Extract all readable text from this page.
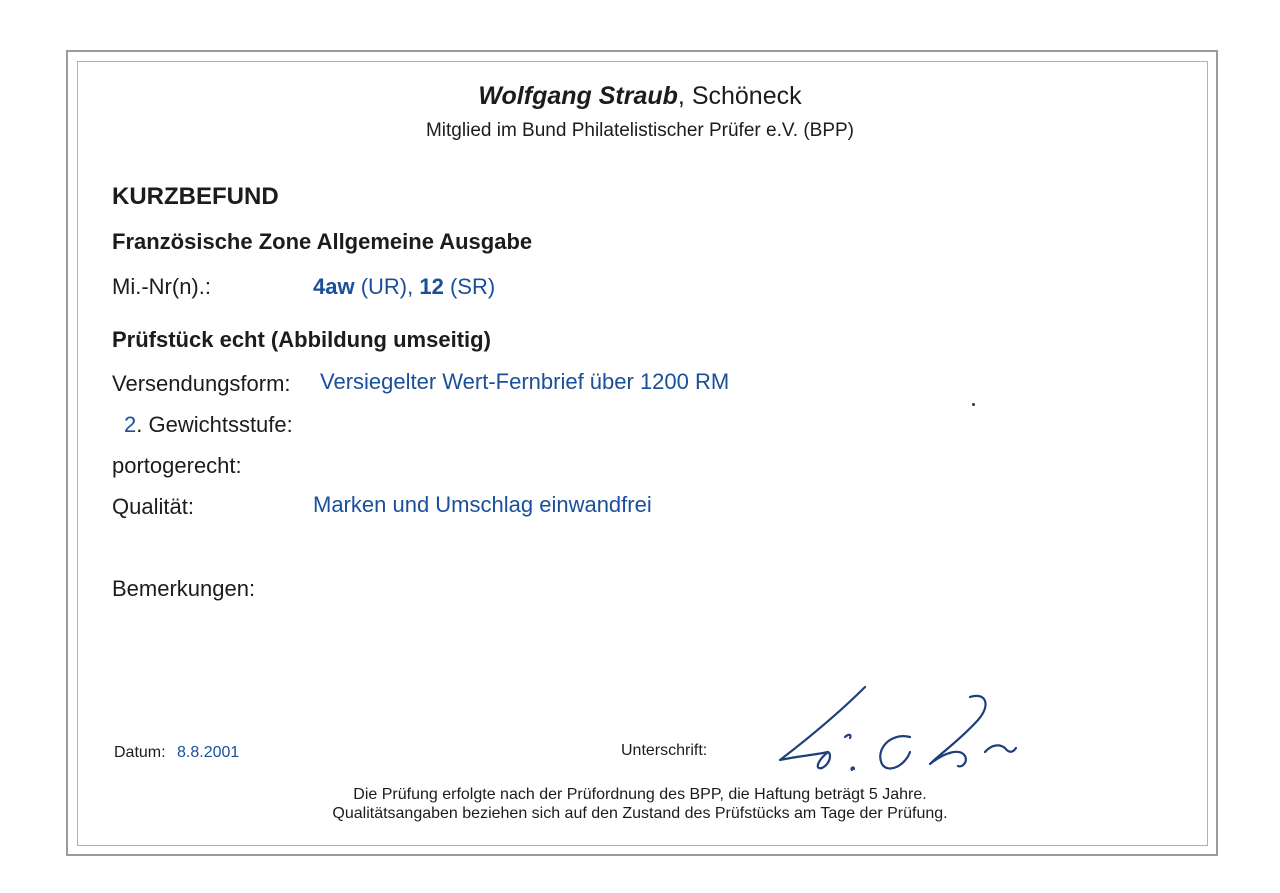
Wolfgang Straub, Schöneck
Mitglied im Bund Philatelistischer Prüfer e.V. (BPP)
KURZBEFUND
Französische Zone Allgemeine Ausgabe
Mi.-Nr(n).:	4aw (UR), 12 (SR)
Prüfstück echt (Abbildung umseitig)
Versendungsform: Versiegelter Wert-Fernbrief über 1200 RM
2. Gewichtsstufe:
portogerecht:
Qualität:	Marken und Umschlag einwandfrei
Bemerkungen:
Datum: 8.8.2001	Unterschrift:
Die Prüfung erfolgte nach der Prüfordnung des BPP, die Haftung beträgt 5 Jahre.
Qualitätsangaben beziehen sich auf den Zustand des Prüfstücks am Tage der Prüfung.
